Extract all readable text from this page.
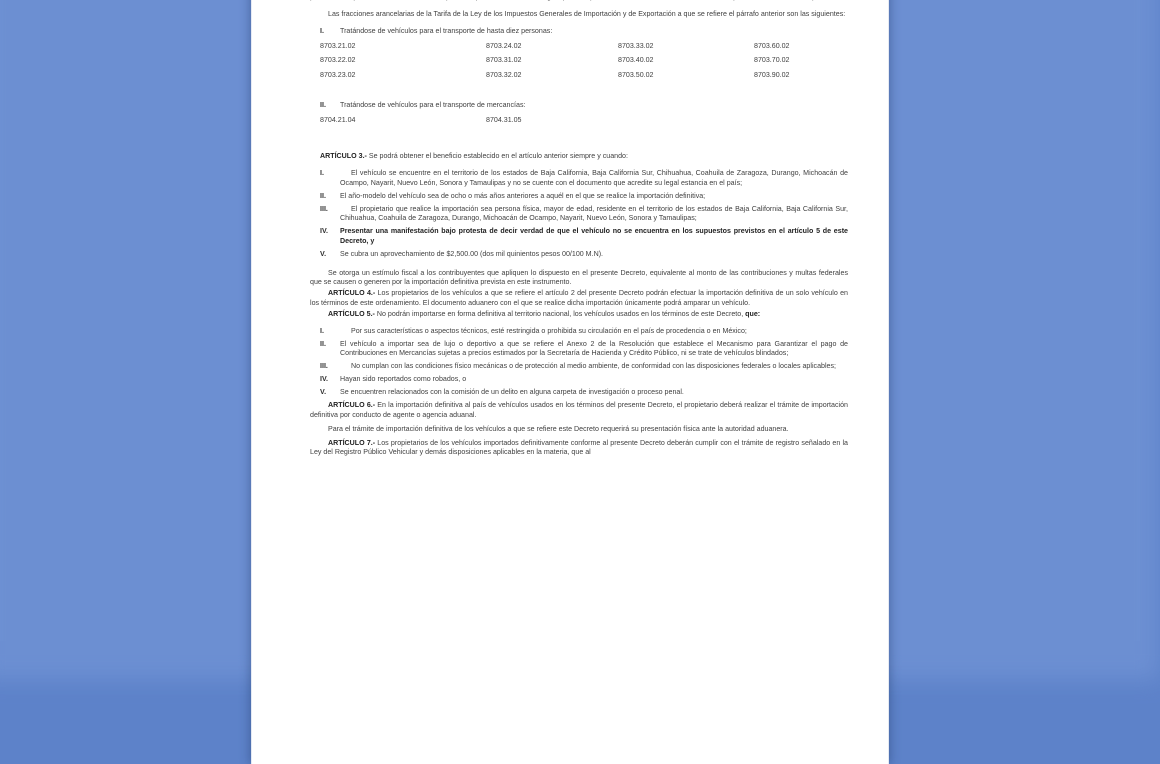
Las fracciones arancelarias de la Tarifa de la Ley de los Impuestos Generales de Importación y de Exportación a que se refiere el párrafo anterior son las siguientes:

I.	Tratándose de vehículos para el transporte de hasta diez personas:
8703.21.02	8703.24.02	8703.33.02	8703.60.02
8703.22.02	8703.31.02	8703.40.02	8703.70.02
8703.23.02	8703.32.02	8703.50.02	8703.90.02
II.	Tratándose de vehículos para el transporte de mercancías:
8704.21.04	8704.31.05

ARTÍCULO 3.- Se podrá obtener el beneficio establecido en el artículo anterior siempre y cuando:

I.	El vehículo se encuentre en el territorio de los estados de Baja California, Baja California Sur, Chihuahua, Coahuila de Zaragoza, Durango, Michoacán de Ocampo, Nayarit, Nuevo León, Sonora y Tamaulipas y no se cuente con el documento que acredite su legal estancia en el país;
II.	El año-modelo del vehículo sea de ocho o más años anteriores a aquél en el que se realice la importación definitiva;
III.	El propietario que realice la importación sea persona física, mayor de edad, residente en el territorio de los estados de Baja California, Baja California Sur, Chihuahua, Coahuila de Zaragoza, Durango, Michoacán de Ocampo, Nayarit, Nuevo León, Sonora y Tamaulipas;
IV.	Presentar una manifestación bajo protesta de decir verdad de que el vehículo no se encuentra en los supuestos previstos en el artículo 5 de este Decreto, y
V.	Se cubra un aprovechamiento de $2,500.00 (dos mil quinientos pesos 00/100 M.N).

Se otorga un estímulo fiscal a los contribuyentes que apliquen lo dispuesto en el presente Decreto, equivalente al monto de las contribuciones y multas federales que se causen o generen por la importación definitiva prevista en este instrumento.

ARTÍCULO 4.- Los propietarios de los vehículos a que se refiere el artículo 2 del presente Decreto podrán efectuar la importación definitiva de un solo vehículo en los términos de este ordenamiento. El documento aduanero con el que se realice dicha importación únicamente podrá amparar un vehículo.

ARTÍCULO 5.- No podrán importarse en forma definitiva al territorio nacional, los vehículos usados en los términos de este Decreto, que:

I.	Por sus características o aspectos técnicos, esté restringida o prohibida su circulación en el país de procedencia o en México;
II.	El vehículo a importar sea de lujo o deportivo a que se refiere el Anexo 2 de la Resolución que establece el Mecanismo para Garantizar el pago de Contribuciones en Mercancías sujetas a precios estimados por la Secretaría de Hacienda y Crédito Público, ni se trate de vehículos blindados;
III.	No cumplan con las condiciones físico mecánicas o de protección al medio ambiente, de conformidad con las disposiciones federales o locales aplicables;
IV.	Hayan sido reportados como robados, o
V.	Se encuentren relacionados con la comisión de un delito en alguna carpeta de investigación o proceso penal.

ARTÍCULO 6.- En la importación definitiva al país de vehículos usados en los términos del presente Decreto, el propietario deberá realizar el trámite de importación definitiva por conducto de agente o agencia aduanal.

Para el trámite de importación definitiva de los vehículos a que se refiere este Decreto requerirá su presentación física ante la autoridad aduanera.

ARTÍCULO 7.- Los propietarios de los vehículos importados definitivamente conforme al presente Decreto deberán cumplir con el trámite de registro señalado en la Ley del Registro Público Vehicular y demás disposiciones aplicables en la materia, que al
